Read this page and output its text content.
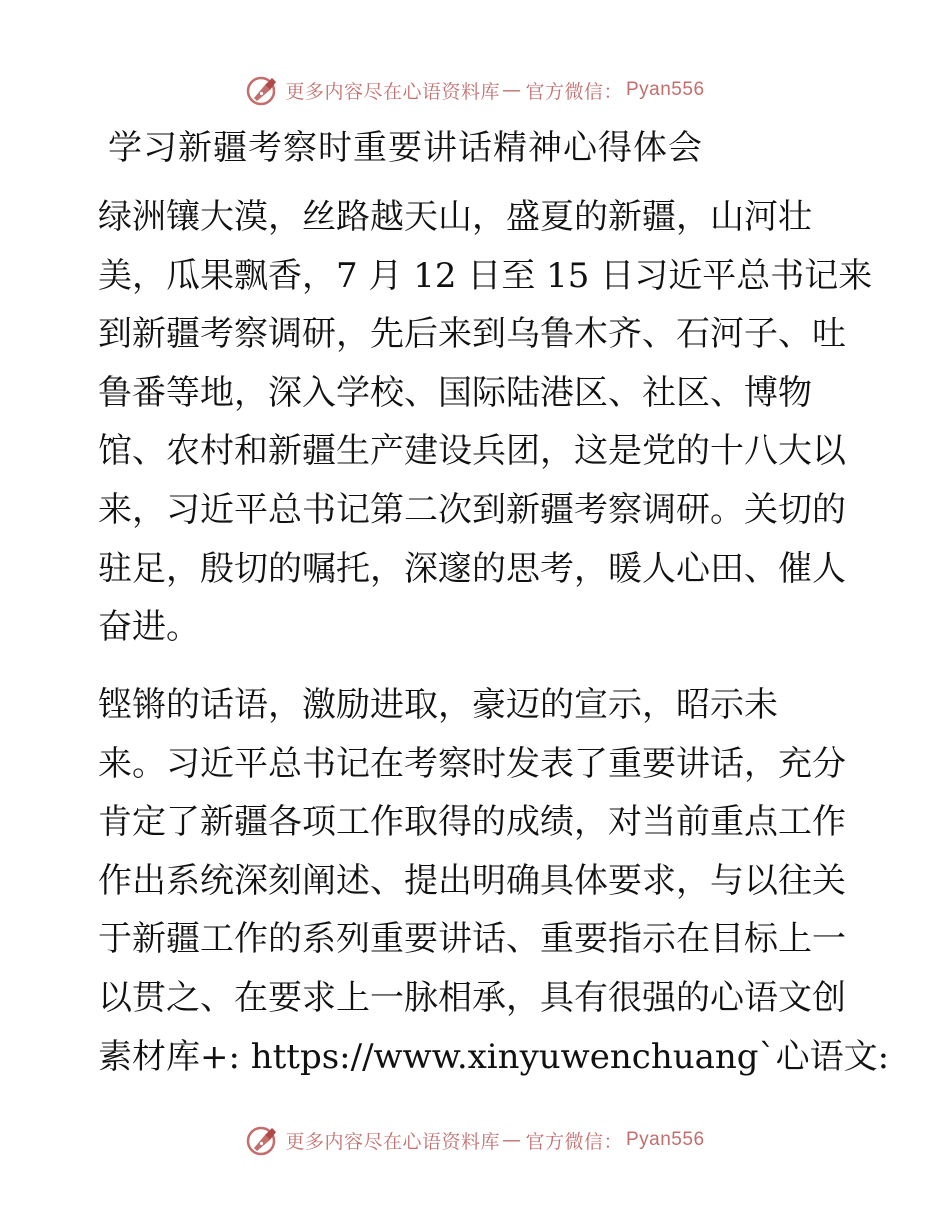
更多内容尽在心语资料库 — 官方微信： Pyan556
学习新疆考察时重要讲话精神心得体会
绿洲镶大漠，丝路越天山，盛夏的新疆，山河壮
美，瓜果飘香，7 月 12 日至 15 日习近平总书记来
到新疆考察调研，先后来到乌鲁木齐、石河子、吐
鲁番等地，深入学校、国际陆港区、社区、博物
馆、农村和新疆生产建设兵团，这是党的十八大以
来，习近平总书记第二次到新疆考察调研。关切的
驻足，殷切的嘱托，深邃的思考，暖人心田、催人
奋进。
铿锵的话语，激励进取，豪迈的宣示，昭示未
来。习近平总书记在考察时发表了重要讲话，充分
肯定了新疆各项工作取得的成绩，对当前重点工作
作出系统深刻阐述、提出明确具体要求，与以往关
于新疆工作的系列重要讲话、重要指示在目标上一
以贯之、在要求上一脉相承，具有很强的心语文创
素材库+: https://www.xinyuwenchuang`心语文:
更多内容尽在心语资料库 — 官方微信： Pyan556
